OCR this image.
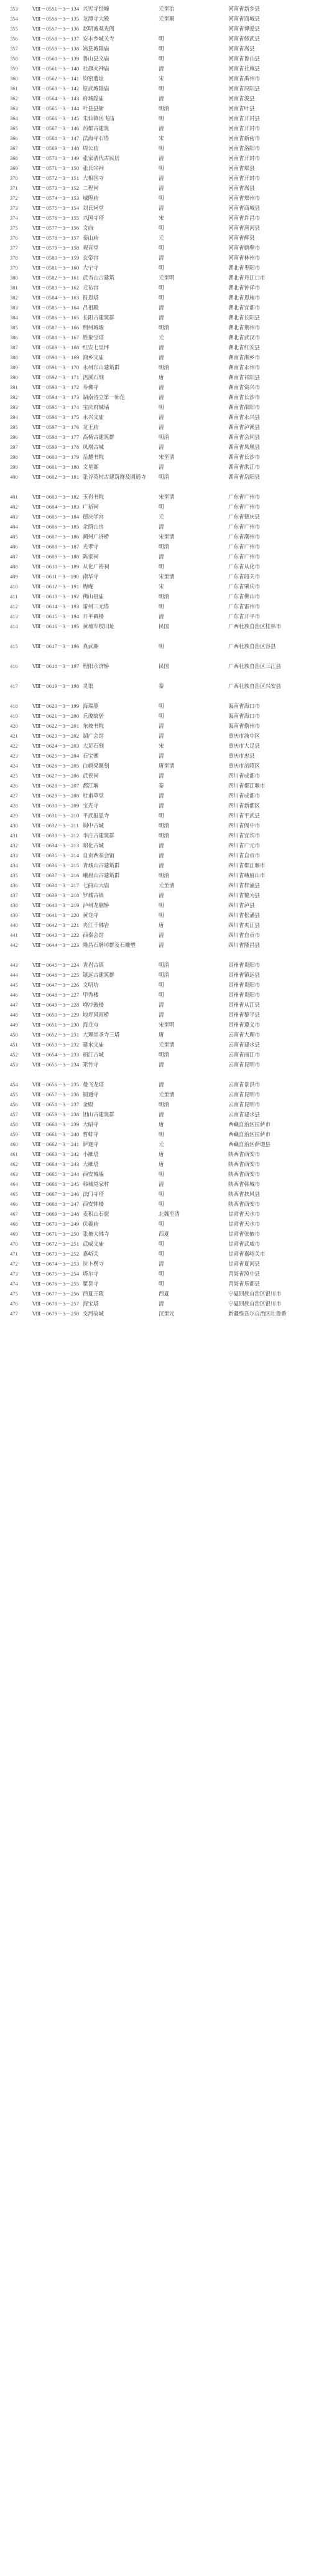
353	Ⅷ－0551－3－134 兴宪寺经幢	元至治	河南省新乡县
354	Ⅷ－0556－3－135 龙潭寺大殿	元至顺	河南省商城县
355	Ⅷ－0557－3－136 赵明诚观光阁	河南省博爱县
356	Ⅷ－0558－3－137 安丰乡城关寺	明	河南省修武县
357	Ⅷ－0559－3－138 嵩县城隍庙	明	河南省嵩县
358	Ⅷ－0560－3－139 鲁山县文庙	明	河南省鲁山县
359	Ⅷ－0561－3－140 社旗火神庙	清	河南省社旗县
360	Ⅷ－0562－3－141 钧窑遗址	宋	河南省禹州市
361	Ⅷ－0563－3－142 原武城隍庙	明	河南省原阳县
362	Ⅷ－0564－3－143 府城隍庙	清	河南省浚县
363	Ⅷ－0565－3－144 叶县县衙	明清	河南省叶县
364	Ⅷ－0566－3－145 朱仙镇岳飞庙	明	河南省开封县
365	Ⅷ－0567－3－146 药都古建筑	清	河南省开封市
366	Ⅷ－0568－3－147 法海寺石塔	宋	河南省新密市
367	Ⅷ－0569－3－148 周公庙	明	河南省洛阳市
368	Ⅷ－0570－3－149 张家清代古民居	清	河南省开封市
369	Ⅷ－0571－3－150 张氏宗祠	明	河南省郏县
370	Ⅷ－0572－3－151 大相国寺	清	河南省开封市
371	Ⅷ－0573－3－152 二程祠	清	河南省嵩县
372	Ⅷ－0574－3－153 城隍庙	明	河南省郑州市
373	Ⅷ－0575－3－154 刘氏祠堂	清	河南省商城县
374	Ⅷ－0576－3－155 兴国寺塔	宋	河南省许昌市
375	Ⅷ－0577－3－156 文庙	明	河南省唐河县
376	Ⅷ－0578－3－157 泰山庙	元	河南省辉县
377	Ⅷ－0579－3－158 观音堂	明	河南省鹤壁市
378	Ⅷ－0580－3－159 玄帝宫	清	河南省林州市
379	Ⅷ－0581－3－160 大宁寺	明	湖北省枣阳市
380	Ⅷ－0582－3－161 武当山古建筑	元至明	湖北省丹江口市
381	Ⅷ－0583－3－162 元祐宫	明	湖北省钟祥市
382	Ⅷ－0584－3－163 报恩塔	明	湖北省恩施市
383	Ⅷ－0585－3－164 吕祖殿	清	湖北省宜都市
384	Ⅷ－0586－3－165 长阳古建筑群	清	湖北省长阳县
385	Ⅷ－0587－3－166 荆州城墙	明清	湖北省荆州市
386	Ⅷ－0588－3－167 胜象宝塔	元	湖北省武汉市
387	Ⅷ－0589－3－168 红安七里坪	清	湖北省红安县
388	Ⅷ－0590－3－169 湘乡文庙	清	湖南省湘乡市
389	Ⅷ－0591－3－170 永州东山建筑群	明清	湖南省永州市
390	Ⅷ－0592－3－171 浯溪石刻	唐	湖南省祁阳县
391	Ⅷ－0593－3－172 寿佛寺	清	湖南省资兴市
392	Ⅷ－0594－3－173 湖南省立第一师范	清	湖南省长沙市
393	Ⅷ－0595－3－174 宝庆府城墙	明	湖南省邵阳市
394	Ⅷ－0596－3－175 永兴文庙	清	湖南省永兴县
395	Ⅷ－0597－3－176 龙王庙	清	湖南省泸溪县
396	Ⅷ－0598－3－177 高椅古建筑群	明清	湖南省会同县
397	Ⅷ－0599－3－178 凤凰古城	清	湖南省凤凰县
398	Ⅷ－0600－3－179 岳麓书院	宋至清	湖南省长沙市
399	Ⅷ－0601－3－180 文星阁	清	湖南省洪江市
400	Ⅷ－0602－3－181 张谷英村古建筑群及圆通寺	明清	湖南省岳阳县
401	Ⅷ－0603－3－182 玉岩书院	宋至清	广东省广州市
402	Ⅷ－0604－3－183 广裕祠	明	广东省广州市
403	Ⅷ－0605－3－184 德庆学宫	元	广东省德庆县
404	Ⅷ－0606－3－185 余荫山房	清	广东省广州市
405	Ⅷ－0607－3－186 潮州广济桥	宋至清	广东省潮州市
406	Ⅷ－0608－3－187 光孝寺	明清	广东省广州市
407	Ⅷ－0609－3－188 陈家祠	清	广东省广州市
408	Ⅷ－0610－3－189 从化广裕祠	明	广东省从化市
409	Ⅷ－0611－3－190 南华寺	宋至清	广东省韶关市
410	Ⅷ－0612－3－191 梅庵	宋	广东省肇庆市
411	Ⅷ－0613－3－192 佛山祖庙	明清	广东省佛山市
412	Ⅷ－0614－3－193 雷州三元塔	明	广东省雷州市
413	Ⅷ－0615－3－194 开平碉楼	清	广东省开平市
414	Ⅷ－0616－3－195 黄埔军校旧址	民国	广西壮族自治区桂林市
415	Ⅷ－0617－3－196 真武阁	明	广西壮族自治区容县
416	Ⅷ－0618－3－197 程阳永济桥	民国	广西壮族自治区三江县
417	Ⅷ－0619－3－198 灵渠	秦	广西壮族自治区兴安县
418	Ⅷ－0620－3－199 海瑞墓	明	海南省海口市
419	Ⅷ－0621－3－200 丘浚故居	明	海南省海口市
420	Ⅷ－0622－3－201 东坡书院	清	海南省儋州市
421	Ⅷ－0623－3－202 湖广会馆	清	重庆市渝中区
422	Ⅷ－0624－3－203 大足石刻	宋	重庆市大足县
423	Ⅷ－0625－3－204 石宝寨	清	重庆市忠县
424	Ⅷ－0626－3－205 白鹤梁题刻	唐至清	重庆市涪陵区
425	Ⅷ－0627－3－206 武侯祠	清	四川省成都市
426	Ⅷ－0628－3－207 都江堰	秦	四川省都江堰市
427	Ⅷ－0629－3－208 杜甫草堂	清	四川省成都市
428	Ⅷ－0630－3－209 宝光寺	清	四川省新都区
429	Ⅷ－0631－3－210 平武报恩寺	明	四川省平武县
430	Ⅷ－0632－3－211 阆中古城	明清	四川省阆中市
431	Ⅷ－0633－3－212 李庄古建筑群	明清	四川省宜宾市
432	Ⅷ－0634－3－213 昭化古城	清	四川省广元市
433	Ⅷ－0635－3－214 自贡西秦会馆	清	四川省自贡市
434	Ⅷ－0636－3－215 青城山古建筑群	清	四川省都江堰市
435	Ⅷ－0637－3－216 峨眉山古建筑群	明清	四川省峨眉山市
436	Ⅷ－0638－3－217 七曲山大庙	元至清	四川省梓潼县
437	Ⅷ－0639－3－218 罗城古镇	清	四川省犍为县
438	Ⅷ－0640－3－219 泸州龙脑桥	明	四川省泸县
439	Ⅷ－0641－3－220 黄龙寺	明	四川省松潘县
440	Ⅷ－0642－3－221 夹江千佛岩	唐	四川省夹江县
441	Ⅷ－0643－3－222 西秦会馆	清	四川省自贡市
442	Ⅷ－0644－3－223 隆昌石牌坊群及石雕塑	清	四川省隆昌县
443	Ⅷ－0645－3－224 青岩古镇	明清	贵州省贵阳市
444	Ⅷ－0646－3－225 镇远古建筑群	明清	贵州省镇远县
445	Ⅷ－0647－3－226 文明坊	明	贵州省贵阳市
446	Ⅷ－0648－3－227 甲秀楼	明	贵州省贵阳市
447	Ⅷ－0649－3－228 增冲鼓楼	清	贵州省从江县
448	Ⅷ－0650－3－229 地坪风雨桥	清	贵州省黎平县
449	Ⅷ－0651－3－230 海龙屯	宋至明	贵州省遵义市
450	Ⅷ－0652－3－231 大理崇圣寺三塔	唐	云南省大理市
451	Ⅷ－0653－3－232 建水文庙	元至清	云南省建水县
452	Ⅷ－0654－3－233 丽江古城	明清	云南省丽江市
453	Ⅷ－0655－3－234 筇竹寺	清	云南省昆明市
454	Ⅷ－0656－3－235 曼飞龙塔	清	云南省景洪市
455	Ⅷ－0657－3－236 圆通寺	元至清	云南省昆明市
456	Ⅷ－0658－3－237 金殿	明清	云南省昆明市
457	Ⅷ－0659－3－238 团山古建筑群	清	云南省建水县
458	Ⅷ－0660－3－239 大昭寺	唐	西藏自治区拉萨市
459	Ⅷ－0661－3－240 哲蚌寺	明	西藏自治区拉萨市
460	Ⅷ－0662－3－241 萨迦寺	元	西藏自治区萨迦县
461	Ⅷ－0663－3－242 小雁塔	唐	陕西省西安市
462	Ⅷ－0664－3－243 大雁塔	唐	陕西省西安市
463	Ⅷ－0665－3－244 西安城墙	明	陕西省西安市
464	Ⅷ－0666－3－245 韩城党家村	清	陕西省韩城市
465	Ⅷ－0667－3－246 法门寺塔	明	陕西省扶风县
466	Ⅷ－0668－3－247 西安钟楼	明	陕西省西安市
467	Ⅷ－0669－3－248 麦积山石窟	北魏至清	甘肃省天水市
468	Ⅷ－0670－3－249 伏羲庙	明	甘肃省天水市
469	Ⅷ－0671－3－250 张掖大佛寺	西夏	甘肃省张掖市
470	Ⅷ－0672－3－251 武威文庙	明	甘肃省武威市
471	Ⅷ－0673－3－252 嘉峪关	明	甘肃省嘉峪关市
472	Ⅷ－0674－3－253 拉卜楞寺	清	甘肃省夏河县
473	Ⅷ－0675－3－254 塔尔寺	明	青海省湟中县
474	Ⅷ－0676－3－255 瞿昙寺	明	青海省乐都县
475	Ⅷ－0677－3－256 西夏王陵	西夏	宁夏回族自治区银川市
476	Ⅷ－0678－3－257 海宝塔	清	宁夏回族自治区银川市
477	Ⅷ－0679－3－258 交河故城	汉至元	新疆维吾尔自治区吐鲁番
